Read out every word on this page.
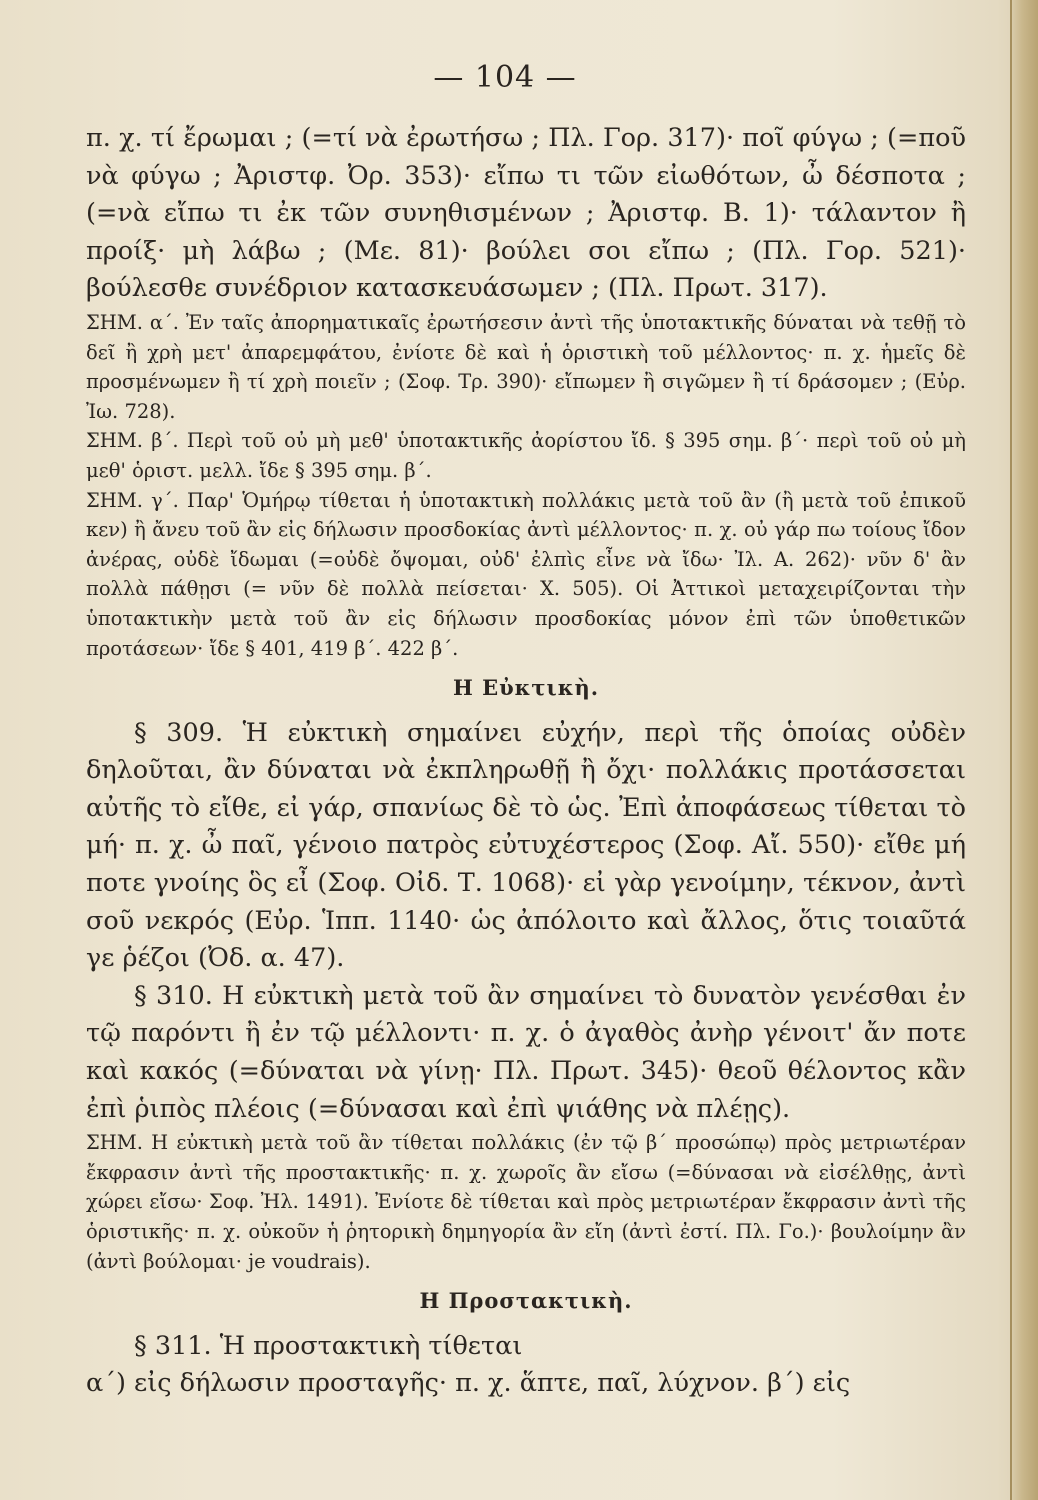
— 104 —

π. χ. τί ἔρωμαι ; (=τί νὰ ἐρωτήσω ; Πλ. Γορ. 317)· ποῖ φύγω ; (=ποῦ νὰ φύγω ; Ἀριστφ. Ὀρ. 353)· εἴπω τι τῶν εἰωθότων, ὦ δέσποτα ; (=νὰ εἴπω τι ἐκ τῶν συνηθισμένων ; Ἀριστφ. Β. 1)· τάλαντον ἢ προίξ· μὴ λάβω ; (Με. 81)· βούλει σοι εἴπω ; (Πλ. Γορ. 521)· βούλεσθε συνέδριον κατασκευάσωμεν ; (Πλ. Πρωτ. 317).

ΣΗΜ. α΄. Ἐν ταῖς ἀπορηματικαῖς ἐρωτήσεσιν ἀντὶ τῆς ὑποτακτικῆς δύναται νὰ τεθῇ τὸ δεῖ ἢ χρὴ μετ' ἀπαρεμφάτου, ἐνίοτε δὲ καὶ ἡ ὁριστικὴ τοῦ μέλλοντος· π. χ. ἡμεῖς δὲ προσμένωμεν ἢ τί χρὴ ποιεῖν ; (Σοφ. Τρ. 390)· εἴπωμεν ἢ σιγῶμεν ἢ τί δράσομεν ; (Εὐρ. Ἰω. 728).

ΣΗΜ. β΄. Περὶ τοῦ οὐ μὴ μεθ' ὑποτακτικῆς ἀορίστου ἴδ. § 395 σημ. β΄· περὶ τοῦ οὐ μὴ μεθ' ὁριστ. μελλ. ἴδε § 395 σημ. β΄.

ΣΗΜ. γ΄. Παρ' Ὁμήρῳ τίθεται ἡ ὑποτακτικὴ πολλάκις μετὰ τοῦ ἂν (ἢ μετὰ τοῦ ἐπικοῦ κεν) ἢ ἄνευ τοῦ ἂν εἰς δήλωσιν προσδοκίας ἀντὶ μέλλοντος· π. χ. οὐ γάρ πω τοίους ἴδον ἀνέρας, οὐδὲ ἴδωμαι (=οὐδὲ ὄψομαι, οὐδ' ἐλπὶς εἶνε νὰ ἴδω· Ἰλ. Α. 262)· νῦν δ' ἂν πολλὰ πάθῃσι (= νῦν δὲ πολλὰ πείσεται· Χ. 505). Οἱ Ἀττικοὶ μεταχειρίζονται τὴν ὑποτακτικὴν μετὰ τοῦ ἂν εἰς δήλωσιν προσδοκίας μόνον ἐπὶ τῶν ὑποθετικῶν προτάσεων· ἴδε § 401, 419 β΄. 422 β΄.

Η Εὐκτικὴ.

§ 309. Ἡ εὐκτικὴ σημαίνει εὐχήν, περὶ τῆς ὁποίας οὐδὲν δηλοῦται, ἂν δύναται νὰ ἐκπληρωθῇ ἢ ὄχι· πολλάκις προτάσσεται αὐτῆς τὸ εἴθε, εἰ γάρ, σπανίως δὲ τὸ ὡς. Ἐπὶ ἀποφάσεως τίθεται τὸ μή· π. χ. ὦ παῖ, γένοιο πατρὸς εὐτυχέστερος (Σοφ. Αἴ. 550)· εἴθε μή ποτε γνοίης ὃς εἶ (Σοφ. Οἰδ. Τ. 1068)· εἰ γὰρ γενοίμην, τέκνον, ἀντὶ σοῦ νεκρός (Εὐρ. Ἱππ. 1140· ὡς ἀπόλοιτο καὶ ἄλλος, ὅτις τοιαῦτά γε ῥέζοι (Ὀδ. α. 47).

§ 310. Η εὐκτικὴ μετὰ τοῦ ἂν σημαίνει τὸ δυνατὸν γενέσθαι ἐν τῷ παρόντι ἢ ἐν τῷ μέλλοντι· π. χ. ὁ ἀγαθὸς ἀνὴρ γένοιτ' ἄν ποτε καὶ κακός (=δύναται νὰ γίνῃ· Πλ. Πρωτ. 345)· θεοῦ θέλοντος κἂν ἐπὶ ῥιπὸς πλέοις (=δύνασαι καὶ ἐπὶ ψιάθης νὰ πλέῃς).

ΣΗΜ. Η εὐκτικὴ μετὰ τοῦ ἂν τίθεται πολλάκις (ἐν τῷ β΄ προσώπῳ) πρὸς μετριωτέραν ἔκφρασιν ἀντὶ τῆς προστακτικῆς· π. χ. χωροῖς ἂν εἴσω (=δύνασαι νὰ εἰσέλθῃς, ἀντὶ χώρει εἴσω· Σοφ. Ἠλ. 1491). Ἐνίοτε δὲ τίθεται καὶ πρὸς μετριωτέραν ἔκφρασιν ἀντὶ τῆς ὁριστικῆς· π. χ. οὐκοῦν ἡ ῥητορικὴ δημηγορία ἂν εἴη (ἀντὶ ἐστί. Πλ. Γο.)· βουλοίμην ἂν (ἀντὶ βούλομαι· je voudrais).

Η Προστακτικὴ.

§ 311. Ἡ προστακτικὴ τίθεται

α΄) εἰς δήλωσιν προσταγῆς· π. χ. ἅπτε, παῖ, λύχνον. β΄) εἰς
